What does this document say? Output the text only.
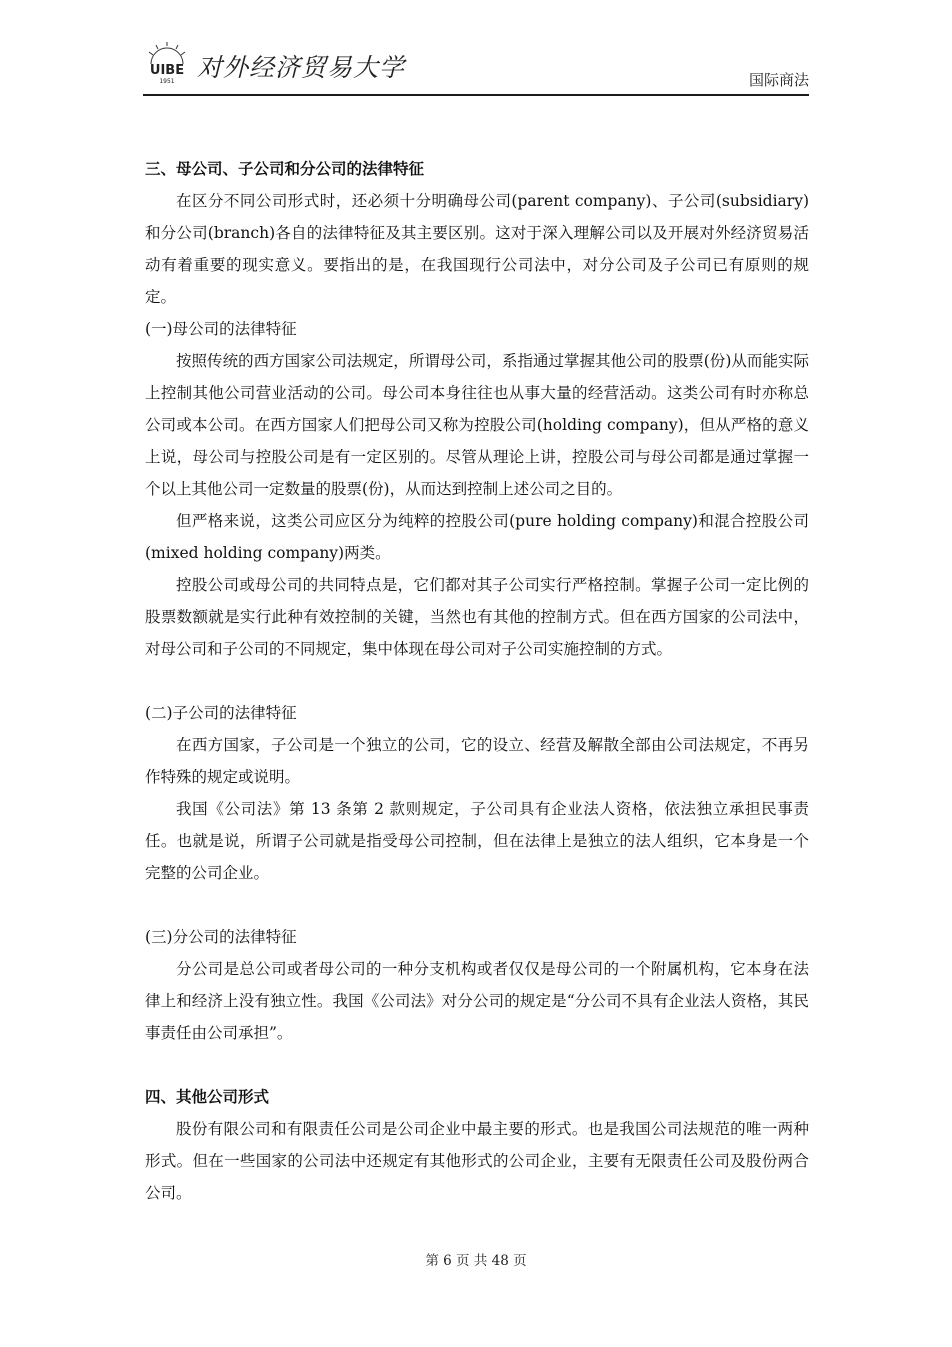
UIBE
1951 对外经济贸易大学	国际商法
三、母公司、子公司和分公司的法律特征

在区分不同公司形式时，还必须十分明确母公司(parent company)、子公司(subsidiary)和分公司(branch)各自的法律特征及其主要区别。这对于深入理解公司以及开展对外经济贸易活动有着重要的现实意义。要指出的是，在我国现行公司法中，对分公司及子公司已有原则的规定。

(一)母公司的法律特征

按照传统的西方国家公司法规定，所谓母公司，系指通过掌握其他公司的股票(份)从而能实际上控制其他公司营业活动的公司。母公司本身往往也从事大量的经营活动。这类公司有时亦称总公司或本公司。在西方国家人们把母公司又称为控股公司(holding company)，但从严格的意义上说，母公司与控股公司是有一定区别的。尽管从理论上讲，控股公司与母公司都是通过掌握一个以上其他公司一定数量的股票(份)，从而达到控制上述公司之目的。

但严格来说，这类公司应区分为纯粹的控股公司(pure holding company)和混合控股公司(mixed holding company)两类。

控股公司或母公司的共同特点是，它们都对其子公司实行严格控制。掌握子公司一定比例的股票数额就是实行此种有效控制的关键，当然也有其他的控制方式。但在西方国家的公司法中，对母公司和子公司的不同规定，集中体现在母公司对子公司实施控制的方式。

(二)子公司的法律特征

在西方国家，子公司是一个独立的公司，它的设立、经营及解散全部由公司法规定，不再另作特殊的规定或说明。

我国《公司法》第 13 条第 2 款则规定，子公司具有企业法人资格，依法独立承担民事责任。也就是说，所谓子公司就是指受母公司控制，但在法律上是独立的法人组织，它本身是一个完整的公司企业。

(三)分公司的法律特征

分公司是总公司或者母公司的一种分支机构或者仅仅是母公司的一个附属机构，它本身在法律上和经济上没有独立性。我国《公司法》对分公司的规定是“分公司不具有企业法人资格，其民事责任由公司承担”。

四、其他公司形式

股份有限公司和有限责任公司是公司企业中最主要的形式。也是我国公司法规范的唯一两种形式。但在一些国家的公司法中还规定有其他形式的公司企业，主要有无限责任公司及股份两合公司。

第 6 页 共 48 页
